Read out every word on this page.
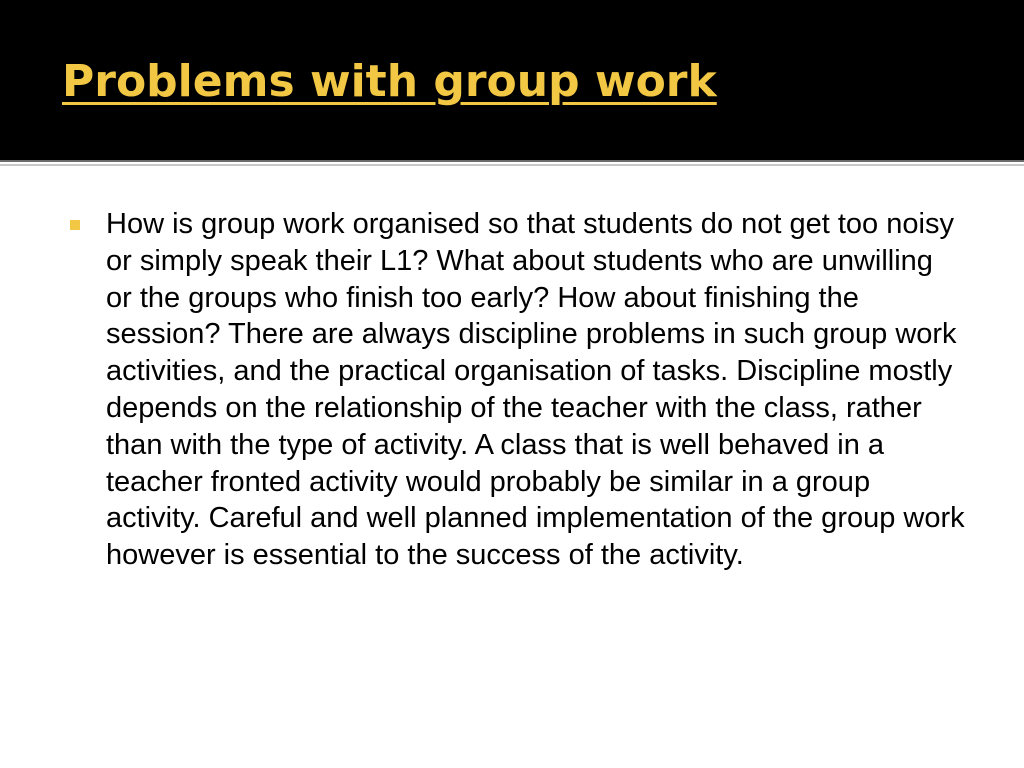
Problems with group work

How is group work organised so that students do not get too noisy or simply speak their L1? What about students who are unwilling or the groups who finish too early? How about finishing the session? There are always discipline problems in such group work activities, and the practical organisation of tasks. Discipline mostly depends on the relationship of the teacher with the class, rather than with the type of activity. A class that is well behaved in a teacher fronted activity would probably be similar in a group activity. Careful and well planned implementation of the group work however is essential to the success of the activity.
